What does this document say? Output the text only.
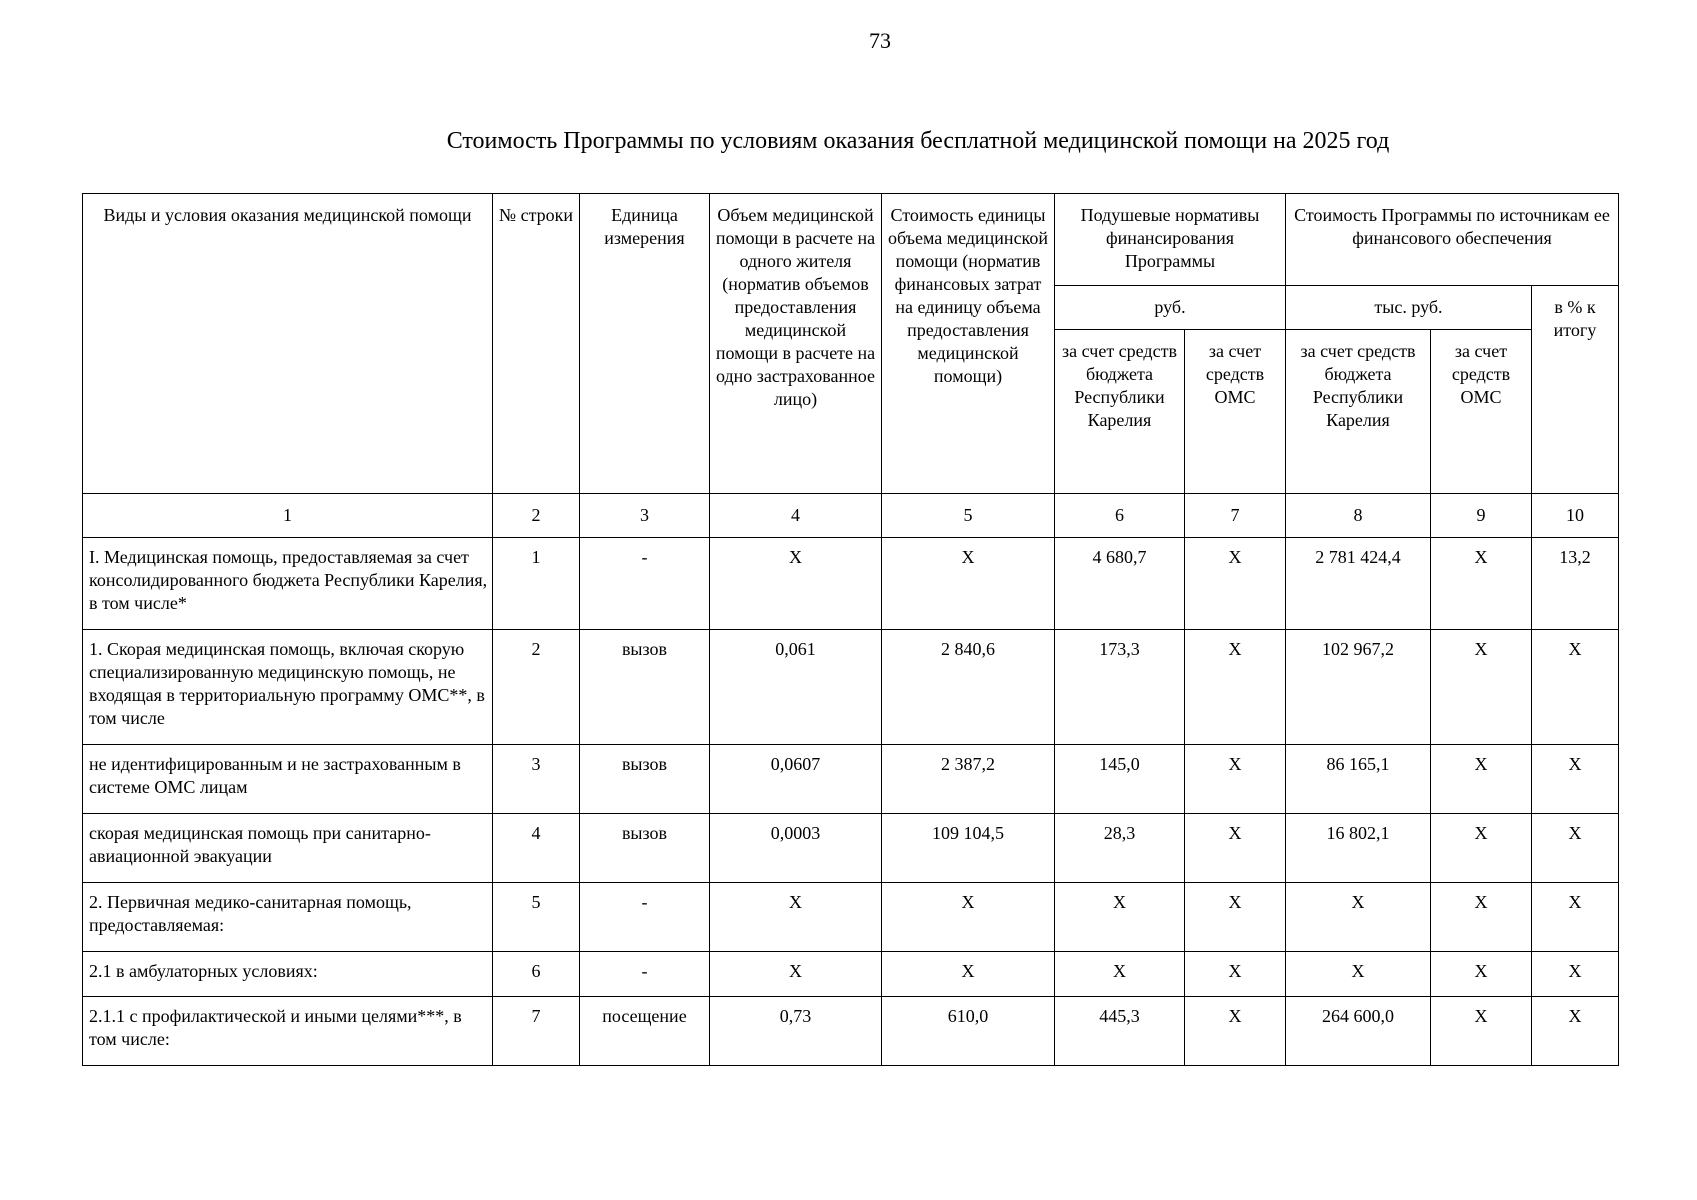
73
Стоимость Программы по условиям оказания бесплатной медицинской помощи на 2025 год
Виды и условия оказания медицинской помощи	№ строки	Единица измерения	Объем медицинской помощи в расчете на одного жителя (норматив объемов предоставления медицинской помощи в расчете на одно застрахованное лицо)	Стоимость единицы объема медицинской помощи (норматив финансовых затрат на единицу объема предоставления медицинской помощи)	Подушевые нормативы финансирования Программы		Стоимость Программы по источникам ее финансового обеспечения		
					руб.		тыс. руб.		в % к итогу
					за счет средств бюджета Республики Карелия	за счет средств ОМС	за счет средств бюджета Республики Карелия	за счет средств ОМС	
1	2	3	4	5	6	7	8	9	10
I. Медицинская помощь, предоставляемая за счет консолидированного бюджета Республики Карелия, в том числе*	1	-	Х	Х	4 680,7	Х	2 781 424,4	Х	13,2
1. Скорая медицинская помощь, включая скорую специализированную медицинскую помощь, не входящая в территориальную программу ОМС**, в том числе	2	вызов	0,061	2 840,6	173,3	Х	102 967,2	Х	Х
не идентифицированным и не застрахованным в системе ОМС лицам	3	вызов	0,0607	2 387,2	145,0	Х	86 165,1	Х	Х
скорая медицинская помощь при санитарно-авиационной эвакуации	4	вызов	0,0003	109 104,5	28,3	Х	16 802,1	Х	Х
2. Первичная медико-санитарная помощь, предоставляемая:	5	-	Х	Х	Х	Х	Х	Х	Х
2.1 в амбулаторных условиях:	6	-	Х	Х	Х	Х	Х	Х	Х
2.1.1 с профилактической и иными целями***, в том числе:	7	посещение	0,73	610,0	445,3	Х	264 600,0	Х	Х
